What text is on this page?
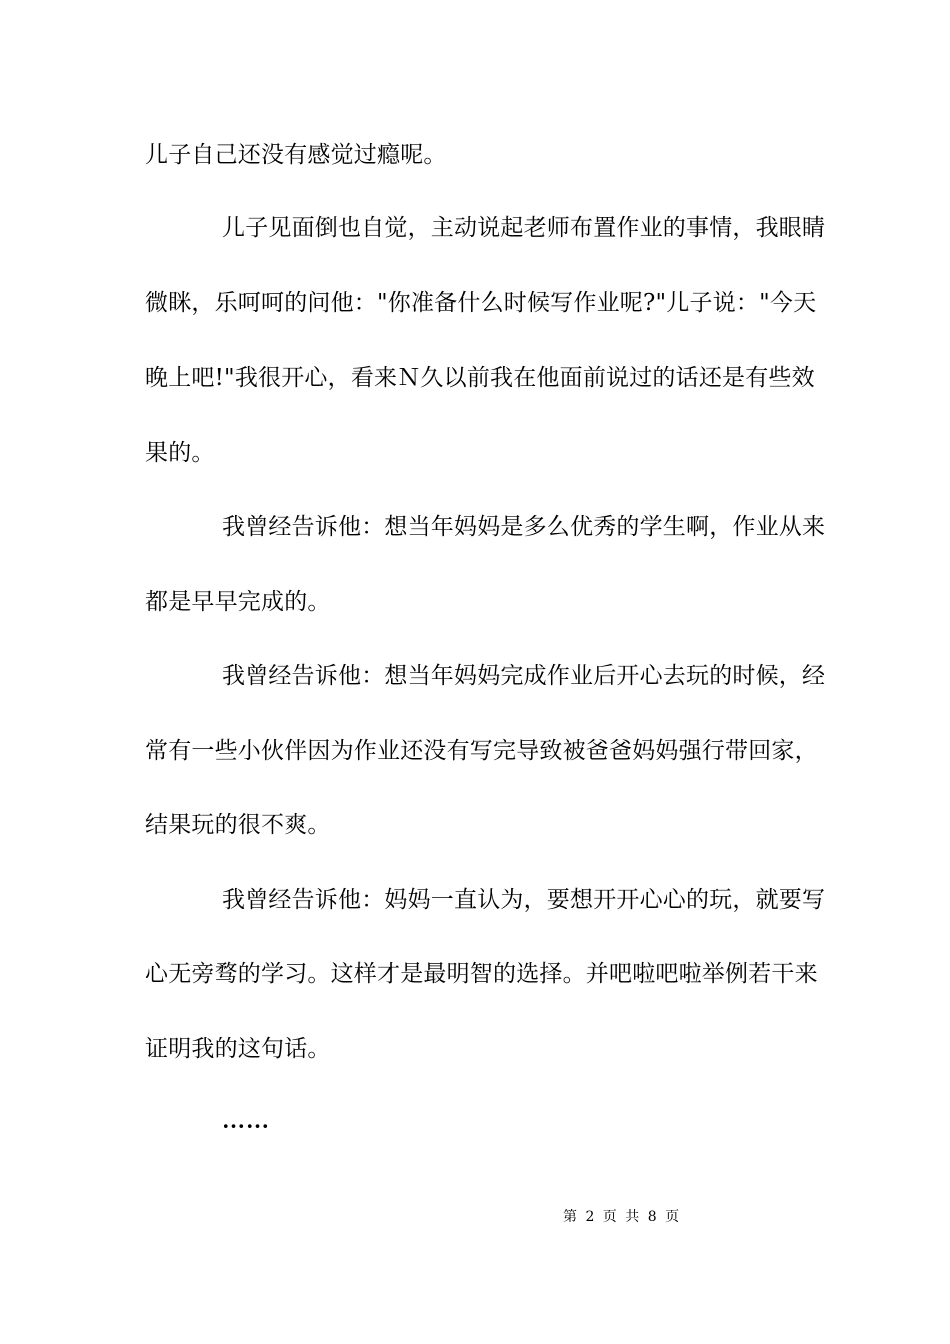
儿子自己还没有感觉过瘾呢。
儿子见面倒也自觉，主动说起老师布置作业的事情，我眼睛
微眯，乐呵呵的问他："你准备什么时候写作业呢?"儿子说："今天
晚上吧!"我很开心，看来Ｎ久以前我在他面前说过的话还是有些效
果的。
我曾经告诉他：想当年妈妈是多么优秀的学生啊，作业从来
都是早早完成的。
我曾经告诉他：想当年妈妈完成作业后开心去玩的时候，经
常有一些小伙伴因为作业还没有写完导致被爸爸妈妈强行带回家，
结果玩的很不爽。
我曾经告诉他：妈妈一直认为，要想开开心心的玩，就要写
心无旁骛的学习。这样才是最明智的选择。并吧啦吧啦举例若干来
证明我的这句话。
……
第 2 页 共 8 页
